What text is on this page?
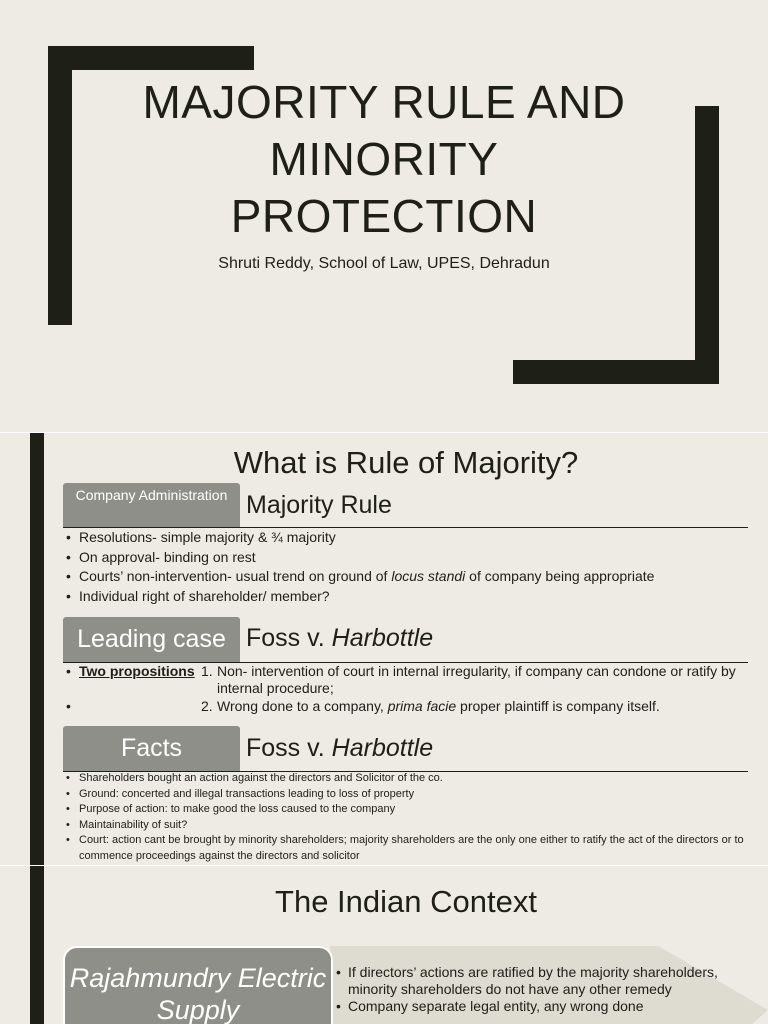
MAJORITY RULE AND
MINORITY
PROTECTION
Shruti Reddy, School of Law, UPES, Dehradun
What is Rule of Majority?
Company Administration Majority Rule
• Resolutions- simple majority & ¾ majority
• On approval- binding on rest
• Courts’ non-intervention- usual trend on ground of locus standi of company being appropriate
• Individual right of shareholder/ member?
Leading case Foss v. Harbottle
• Two propositions 1. Non- intervention of court in internal irregularity, if company can condone or ratify by internal procedure;
•	2. Wrong done to a company, prima facie proper plaintiff is company itself.
Facts	Foss v. Harbottle
• Shareholders bought an action against the directors and Solicitor of the co.
• Ground: concerted and illegal transactions leading to loss of property
• Purpose of action: to make good the loss caused to the company
• Maintainability of suit?
• Court: action cant be brought by minority shareholders; majority shareholders are the only one either to ratify the act of the directors or to commence proceedings against the directors and solicitor
The Indian Context
Rajahmundry Electric Supply
• If directors’ actions are ratified by the majority shareholders, minority shareholders do not have any other remedy
• Company separate legal entity, any wrong done
